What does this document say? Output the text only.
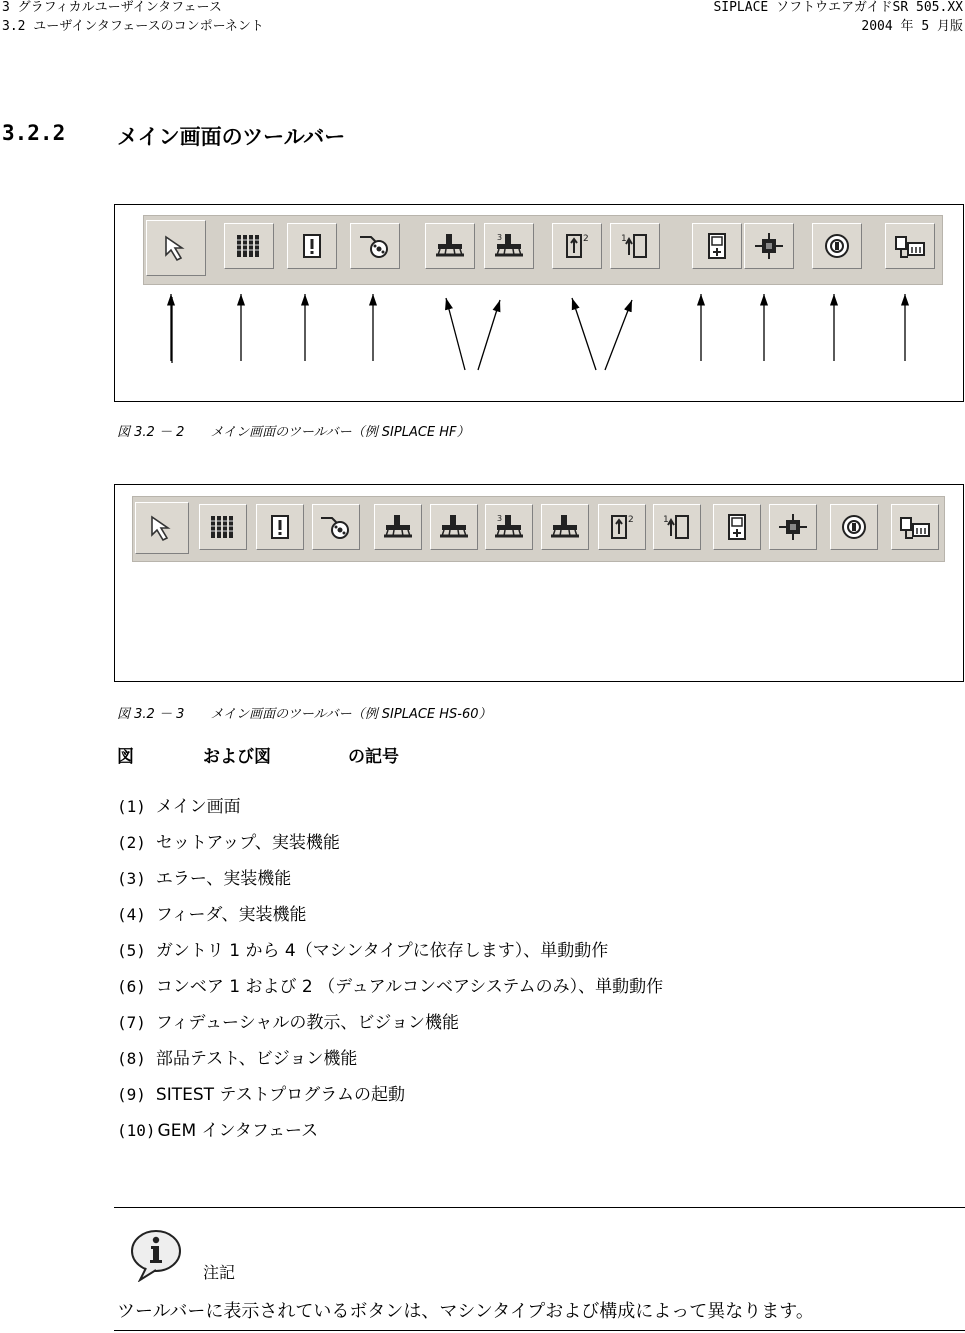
3 グラフィカルユーザインタフェース
3.2 ユーザインタフェースのコンポーネント
SIPLACE ソフトウエアガイドSR 505.XX
2004 年 5 月版
3.2.2 メイン画面のツールバー
3	2	1
図 3.2 － 2　　メイン画面のツールバー（例 SIPLACE HF）
3	2	1
図 3.2 － 3　　メイン画面のツールバー（例 SIPLACE HS-60）
図	および図	の記号
(1) メイン画面
(2) セットアップ、実装機能
(3) エラー、実装機能
(4) フィーダ、実装機能
(5) ガントリ 1 から 4（マシンタイプに依存します）、単動動作
(6) コンベア 1 および 2 （デュアルコンベアシステムのみ）、単動動作
(7) フィデューシャルの教示、ビジョン機能
(8) 部品テスト、ビジョン機能
(9) SITEST テストプログラムの起動
(10) GEM インタフェース
注記
ツールバーに表示されているボタンは、マシンタイプおよび構成によって異なります。
